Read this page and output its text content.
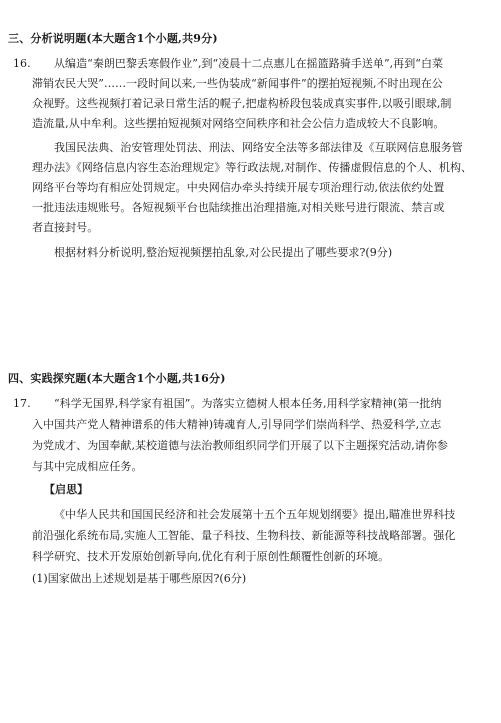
三、分析说明题(本大题含1个小题,共9分)
16. 从编造“秦朗巴黎丢寒假作业”,到“凌晨十二点惠儿在摇篮路骑手送单”,再到“白菜
滞销农民大哭”……一段时间以来,一些伪装成“新闻事件”的摆拍短视频,不时出现在公
众视野。这些视频打着记录日常生活的幌子,把虚构桥段包装成真实事件,以吸引眼球,制
造流量,从中牟利。这些摆拍短视频对网络空间秩序和社会公信力造成较大不良影响。
我国民法典、治安管理处罚法、刑法、网络安全法等多部法律及《互联网信息服务管
理办法》《网络信息内容生态治理规定》等行政法规,对制作、传播虚假信息的个人、机构、
网络平台等均有相应处罚规定。中央网信办牵头持续开展专项治理行动,依法依约处置
一批违法违规账号。各短视频平台也陆续推出治理措施,对相关账号进行限流、禁言或
者直接封号。
根据材料分析说明,整治短视频摆拍乱象,对公民提出了哪些要求?(9分)
四、实践探究题(本大题含1个小题,共16分)
17. “科学无国界,科学家有祖国”。为落实立德树人根本任务,用科学家精神(第一批纳
入中国共产党人精神谱系的伟大精神)铸魂育人,引导同学们崇尚科学、热爱科学,立志
为党成才、为国奉献,某校道德与法治教师组织同学们开展了以下主题探究活动,请你参
与其中完成相应任务。
【启思】
《中华人民共和国国民经济和社会发展第十五个五年规划纲要》提出,瞄准世界科技
前沿强化系统布局,实施人工智能、量子科技、生物科技、新能源等科技战略部署。强化
科学研究、技术开发原始创新导向,优化有利于原创性颠覆性创新的环境。
(1)国家做出上述规划是基于哪些原因?(6分)
